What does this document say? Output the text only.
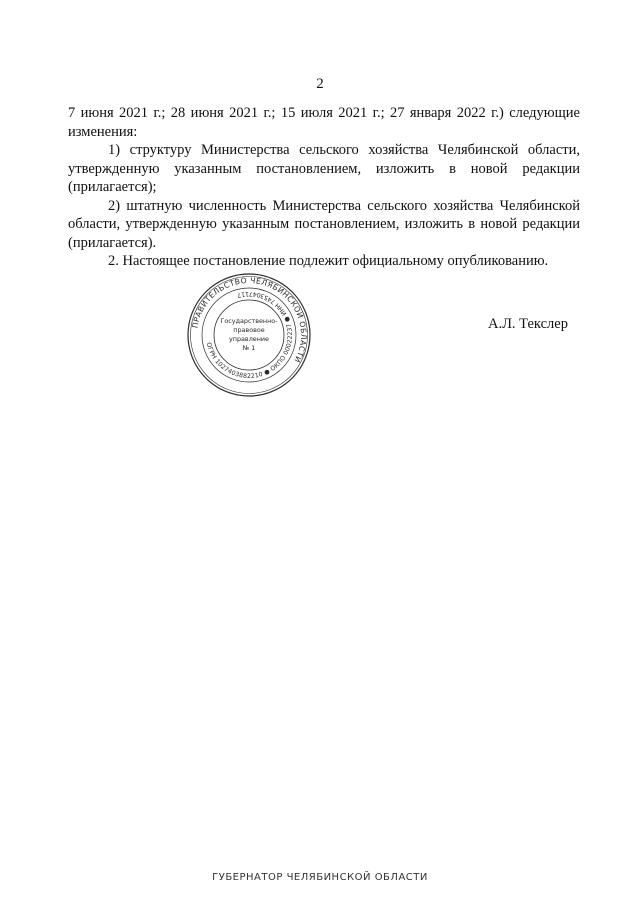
2

7 июня 2021 г.; 28 июня 2021 г.; 15 июля 2021 г.; 27 января 2022 г.) следующие изменения:

1) структуру Министерства сельского хозяйства Челябинской области, утвержденную указанным постановлением, изложить в новой редакции (прилагается);

2) штатную численность Министерства сельского хозяйства Челябинской области, утвержденную указанным постановлением, изложить в новой редакции (прилагается).

2. Настоящее постановление подлежит официальному опубликованию.

ПРАВИТЕЛЬСТВО ЧЕЛЯБИНСКОЙ ОБЛАСТИ
ОГРН 1027403882210 ● ОКПО 00022237 ● ИНН 7453047117
Государственно-
правовое
управление
№ 1
А.Л. Текслер
ГУБЕРНАТОР ЧЕЛЯБИНСКОЙ ОБЛАСТИ
